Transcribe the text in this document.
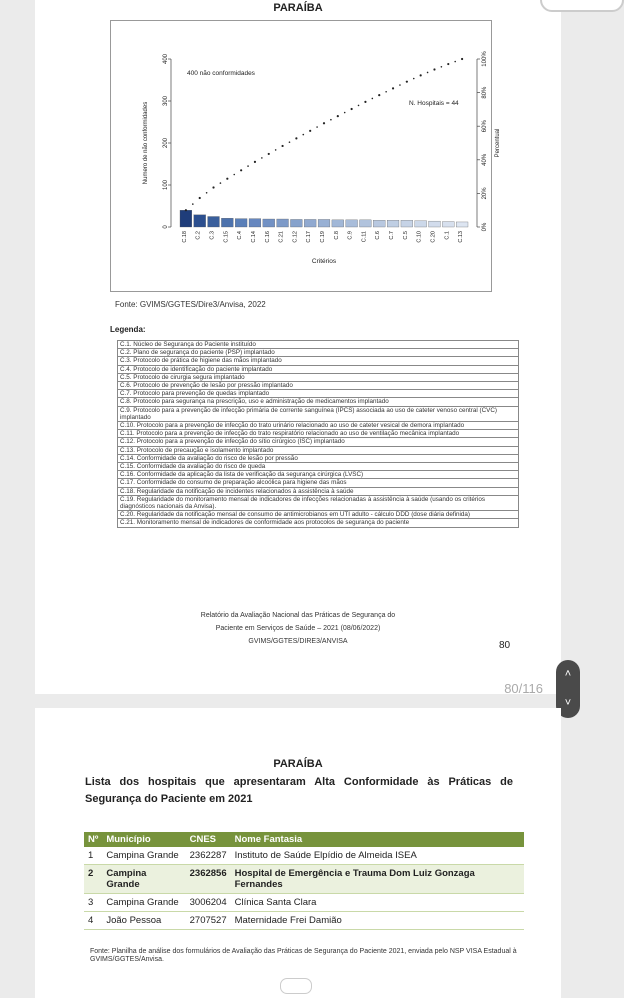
PARAÍBA
0
100
200
300
400
0%
20%
40%
60%
80%
100%
C.18 C.2 C.3 C.15 C.4 C.14 C.16 C.21 C.12 C.17 C.19 C.8 C.9 C.11 C.6 C.7 C.5 C.10 C.20 C.1 C.13
400 não conformidades
N. Hospitais = 44
Critérios
Numero de não conformidades	Percentual
Fonte: GVIMS/GGTES/Dire3/Anvisa, 2022
Legenda:
C.1. Núcleo de Segurança do Paciente instituído
C.2. Plano de segurança do paciente (PSP) implantado
C.3. Protocolo de prática de higiene das mãos implantado
C.4. Protocolo de identificação do paciente implantado
C.5. Protocolo de cirurgia segura implantado
C.6. Protocolo de prevenção de lesão por pressão implantado
C.7. Protocolo para prevenção de quedas implantado
C.8. Protocolo para segurança na prescrição, uso e administração de medicamentos implantado
C.9. Protocolo para a prevenção de infecção primária de corrente sanguínea (IPCS) associada ao uso de cateter venoso central (CVC) implantado
C.10. Protocolo para a prevenção de infecção do trato urinário relacionado ao uso de cateter vesical de demora implantado
C.11. Protocolo para a prevenção de infecção do trato respiratório relacionado ao uso de ventilação mecânica implantado
C.12. Protocolo para a prevenção de infecção do sítio cirúrgico (ISC) implantado
C.13. Protocolo de precaução e isolamento implantado
C.14. Conformidade da avaliação do risco de lesão por pressão
C.15. Conformidade da avaliação do risco de queda
C.16. Conformidade da aplicação da lista de verificação da segurança cirúrgica (LVSC)
C.17. Conformidade do consumo de preparação alcoólica para higiene das mãos
C.18. Regularidade da notificação de incidentes relacionados à assistência à saúde
C.19. Regularidade do monitoramento mensal de indicadores de infecções relacionadas à assistência à saúde (usando os critérios diagnósticos nacionais da Anvisa).
C.20. Regularidade da notificação mensal de consumo de antimicrobianos em UTI adulto - cálculo DDD (dose diária definida)
C.21. Monitoramento mensal de indicadores de conformidade aos protocolos de segurança do paciente
Relatório da Avaliação Nacional das Práticas de Segurança do
Paciente em Serviços de Saúde – 2021 (08/06/2022)
GVIMS/GGTES/DIRE3/ANVISA	80
80/116
˄
˅
PARAÍBA
Lista dos hospitais que apresentaram Alta Conformidade às Práticas de Segurança do Paciente em 2021
Nº	Município	CNES	Nome Fantasia
1	Campina Grande	2362287	Instituto de Saúde Elpídio de Almeida ISEA
2	Campina Grande	2362856	Hospital de Emergência e Trauma Dom Luiz Gonzaga Fernandes
3	Campina Grande	3006204	Clínica Santa Clara
4	João Pessoa	2707527	Maternidade Frei Damião
Fonte: Planilha de análise dos formulários de Avaliação das Práticas de Segurança do Paciente 2021, enviada pelo NSP VISA Estadual à GVIMS/GGTES/Anvisa.
